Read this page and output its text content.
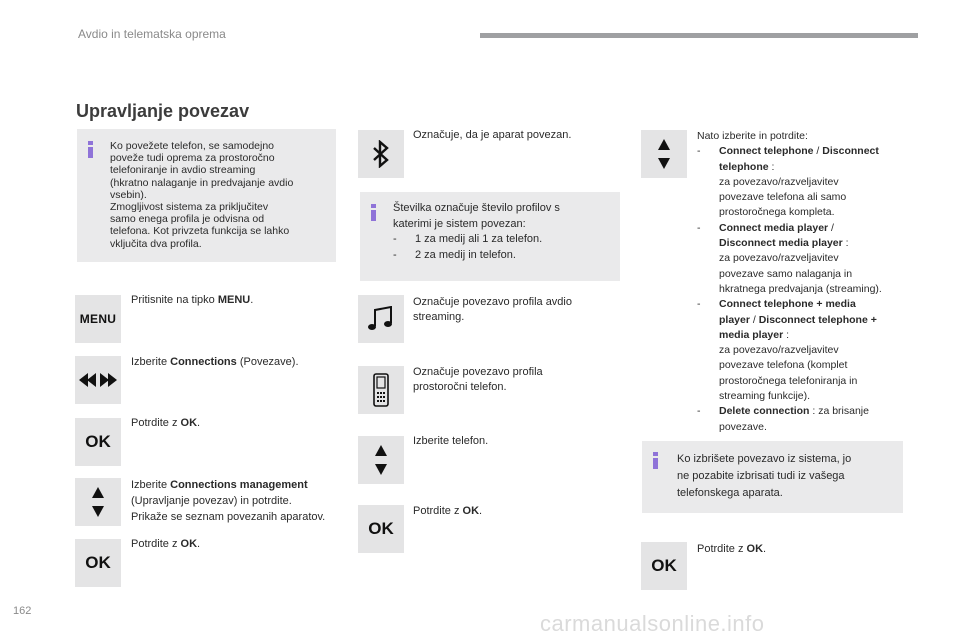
Avdio in telematska oprema
Upravljanje povezav
Ko povežete telefon, se samodejno
poveže tudi oprema za prostoročno
telefoniranje in avdio streaming
(hkratno nalaganje in predvajanje avdio
vsebin).
Zmogljivost sistema za priključitev
samo enega profila je odvisna od
telefona. Kot privzeta funkcija se lahko
vključita dva profila.
MENU
Pritisnite na tipko MENU.
Izberite Connections (Povezave).
OK
Potrdite z OK.
Izberite Connections management
(Upravljanje povezav) in potrdite.
Prikaže se seznam povezanih aparatov.
OK
Potrdite z OK.
Označuje, da je aparat povezan.
Številka označuje število profilov s
katerimi je sistem povezan:
- 1 za medij ali 1 za telefon.
- 2 za medij in telefon.
Označuje povezavo profila avdio
streaming.
Označuje povezavo profila
prostoročni telefon.
Izberite telefon.
OK
Potrdite z OK.
Nato izberite in potrdite:
- Connect telephone / Disconnect
telephone :
za povezavo/razveljavitev
povezave telefona ali samo
prostoročnega kompleta.
- Connect media player /
Disconnect media player :
za povezavo/razveljavitev
povezave samo nalaganja in
hkratnega predvajanja (streaming).
- Connect telephone + media
player / Disconnect telephone +
media player :
za povezavo/razveljavitev
povezave telefona (komplet
prostoročnega telefoniranja in
streaming funkcije).
- Delete connection : za brisanje
povezave.
Ko izbrišete povezavo iz sistema, jo
ne pozabite izbrisati tudi iz vašega
telefonskega aparata.
OK
Potrdite z OK.
162	carmanualsonline.info
